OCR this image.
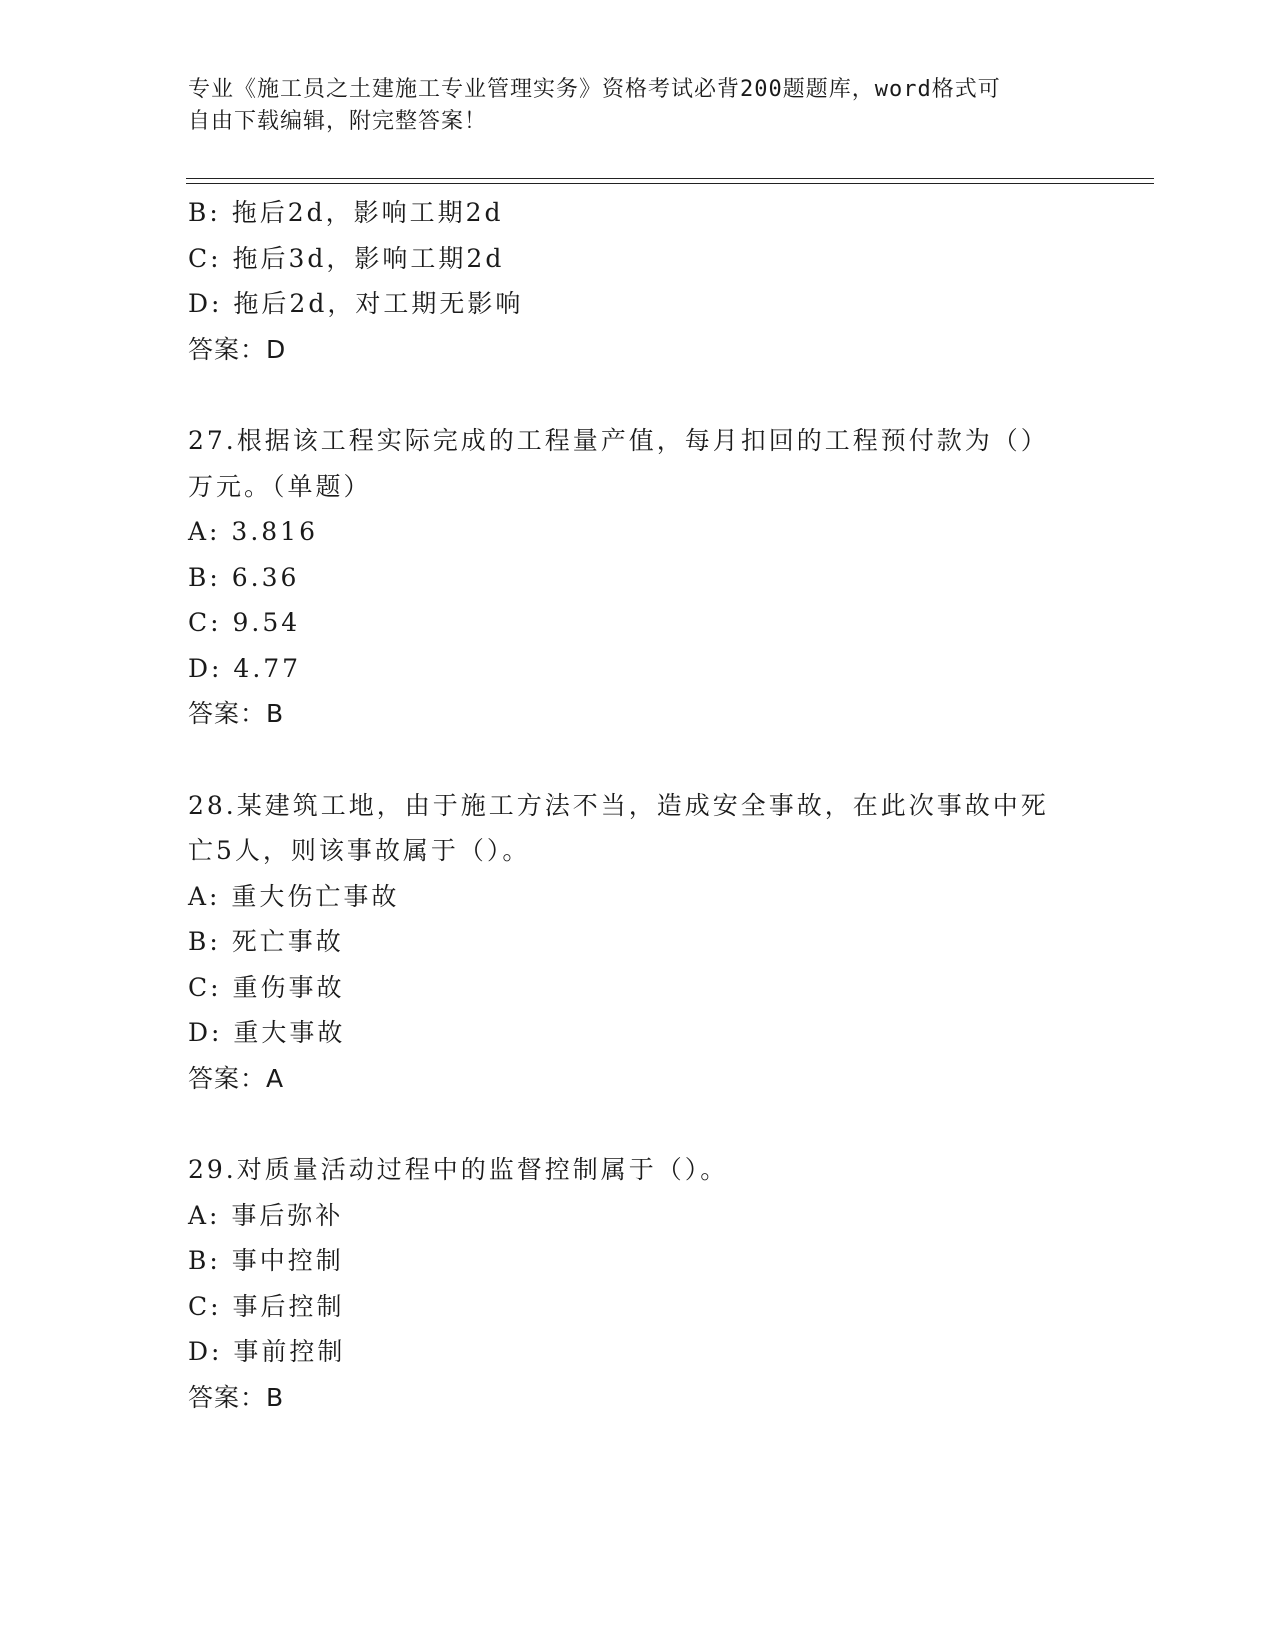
专业《施工员之土建施工专业管理实务》资格考试必背200题题库，word格式可
自由下载编辑，附完整答案！
B: 拖后2d，影响工期2d
C: 拖后3d，影响工期2d
D: 拖后2d，对工期无影响
答案：D
27.根据该工程实际完成的工程量产值，每月扣回的工程预付款为（）
万元。（单题）
A: 3.816
B: 6.36
C: 9.54
D: 4.77
答案：B
28.某建筑工地，由于施工方法不当，造成安全事故，在此次事故中死
亡5人，则该事故属于（）。
A: 重大伤亡事故
B: 死亡事故
C: 重伤事故
D: 重大事故
答案：A
29.对质量活动过程中的监督控制属于（）。
A: 事后弥补
B: 事中控制
C: 事后控制
D: 事前控制
答案：B
